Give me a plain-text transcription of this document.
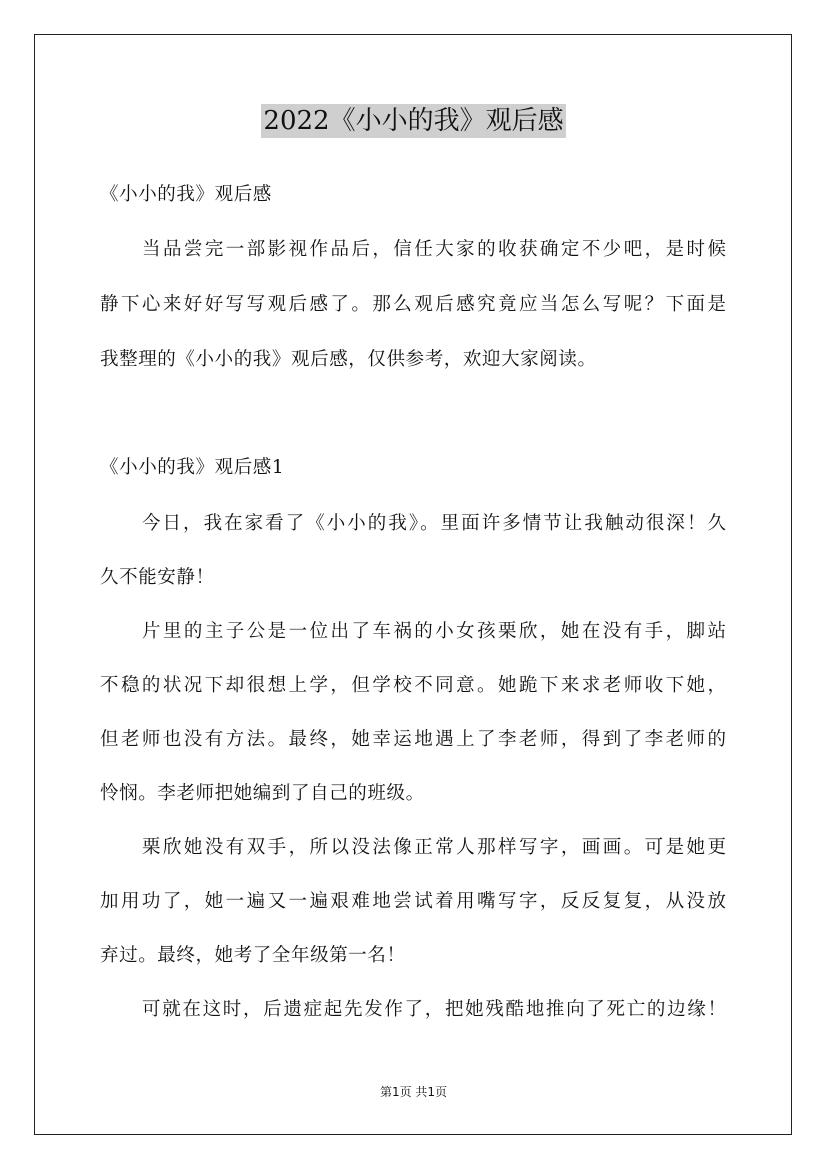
2022《小小的我》观后感
《小小的我》观后感
当品尝完一部影视作品后，信任大家的收获确定不少吧，是时候
静下心来好好写写观后感了。那么观后感究竟应当怎么写呢？下面是
我整理的《小小的我》观后感，仅供参考，欢迎大家阅读。
《小小的我》观后感1
今日，我在家看了《小小的我》。里面许多情节让我触动很深！久
久不能安静！
片里的主子公是一位出了车祸的小女孩栗欣，她在没有手，脚站
不稳的状况下却很想上学，但学校不同意。她跪下来求老师收下她，
但老师也没有方法。最终，她幸运地遇上了李老师，得到了李老师的
怜悯。李老师把她编到了自己的班级。
栗欣她没有双手，所以没法像正常人那样写字，画画。可是她更
加用功了，她一遍又一遍艰难地尝试着用嘴写字，反反复复，从没放
弃过。最终，她考了全年级第一名！
可就在这时，后遗症起先发作了，把她残酷地推向了死亡的边缘！
第1页 共1页
